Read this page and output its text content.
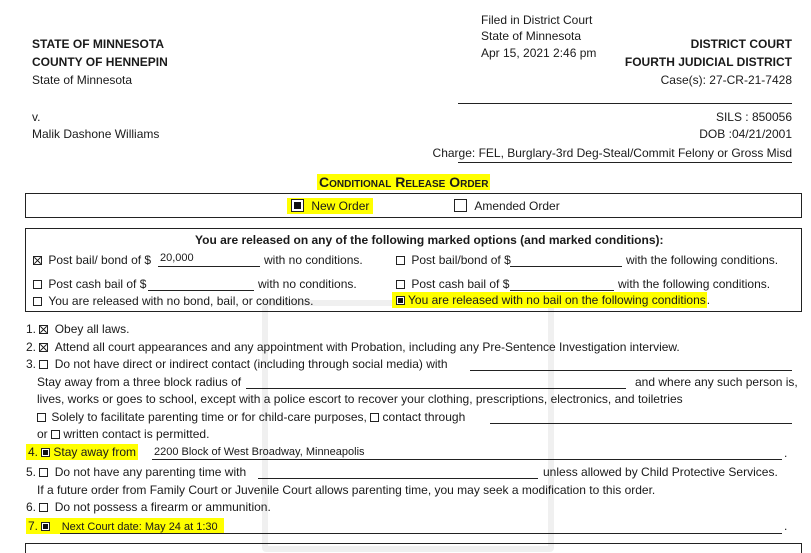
Filed in District Court
State of Minnesota
Apr 15, 2021 2:46 pm
STATE OF MINNESOTA
COUNTY OF HENNEPIN
State of Minnesota
DISTRICT COURT
FOURTH JUDICIAL DISTRICT
Case(s): 27-CR-21-7428
v.
Malik Dashone Williams
SILS : 850056
DOB :04/21/2001
Charge: FEL, Burglary-3rd Deg-Steal/Commit Felony or Gross Misd
Conditional Release Order
New Order	Amended Order
You are released on any of the following marked options (and marked conditions):
Post bail/ bond of $ 20,000	with no conditions.	Post bail/bond of $	with the following conditions.
Post cash bail of $	with no conditions.	Post cash bail of $	with the following conditions.
You are released with no bond, bail, or conditions.	You are released with no bail on the following conditions.
1. Obey all laws.
2. Attend all court appearances and any appointment with Probation, including any Pre-Sentence Investigation interview.
3. Do not have direct or indirect contact (including through social media) with
Stay away from a three block radius of	and where any such person is,
lives, works or goes to school, except with a police escort to recover your clothing, prescriptions, electronics, and toiletries
Solely to facilitate parenting time or for child-care purposes, contact through
or written contact is permitted.
4. Stay away from 2200 Block of West Broadway, Minneapolis	.
5. Do not have any parenting time with	unless allowed by Child Protective Services.
If a future order from Family Court or Juvenile Court allows parenting time, you may seek a modification to this order.
6. Do not possess a firearm or ammunition.
7. Next Court date: May 24 at 1:30	.
